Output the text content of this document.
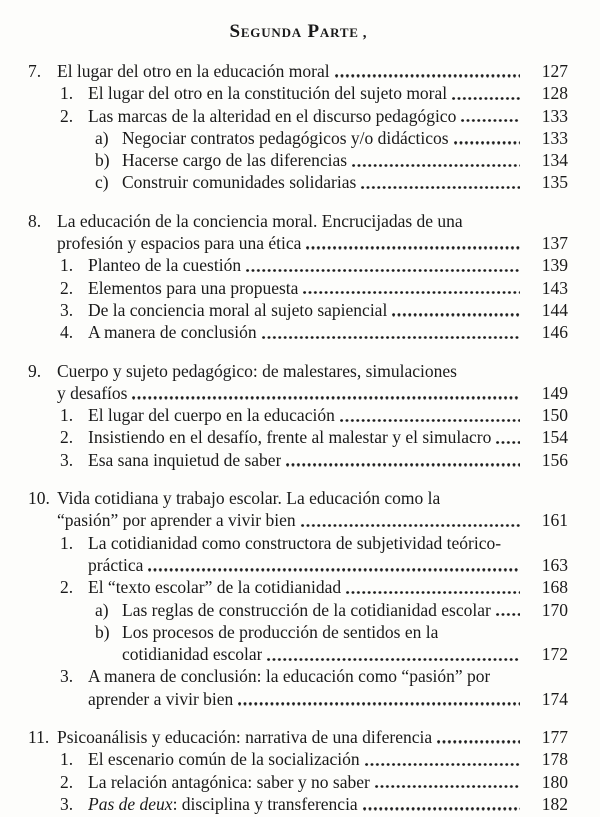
Segunda Parte ,
7. El lugar del otro en la educación moral	127
1. El lugar del otro en la constitución del sujeto moral	128
2. Las marcas de la alteridad en el discurso pedagógico	133
a) Negociar contratos pedagógicos y/o didácticos	133
b) Hacerse cargo de las diferencias	134
c) Construir comunidades solidarias	135
8. La educación de la conciencia moral. Encrucijadas de una
profesión y espacios para una ética	137
1. Planteo de la cuestión	139
2. Elementos para una propuesta	143
3. De la conciencia moral al sujeto sapiencial	144
4. A manera de conclusión	146
9. Cuerpo y sujeto pedagógico: de malestares, simulaciones
y desafíos	149
1. El lugar del cuerpo en la educación	150
2. Insistiendo en el desafío, frente al malestar y el simulacro	154
3. Esa sana inquietud de saber	156
10. Vida cotidiana y trabajo escolar. La educación como la
“pasión” por aprender a vivir bien	161
1. La cotidianidad como constructora de subjetividad teórico-
práctica	163
2. El “texto escolar” de la cotidianidad	168
a) Las reglas de construcción de la cotidianidad escolar	170
b) Los procesos de producción de sentidos en la
cotidianidad escolar	172
3. A manera de conclusión: la educación como “pasión” por
aprender a vivir bien	174
11. Psicoanálisis y educación: narrativa de una diferencia	177
1. El escenario común de la socialización	178
2. La relación antagónica: saber y no saber	180
3. Pas de deux: disciplina y transferencia	182
